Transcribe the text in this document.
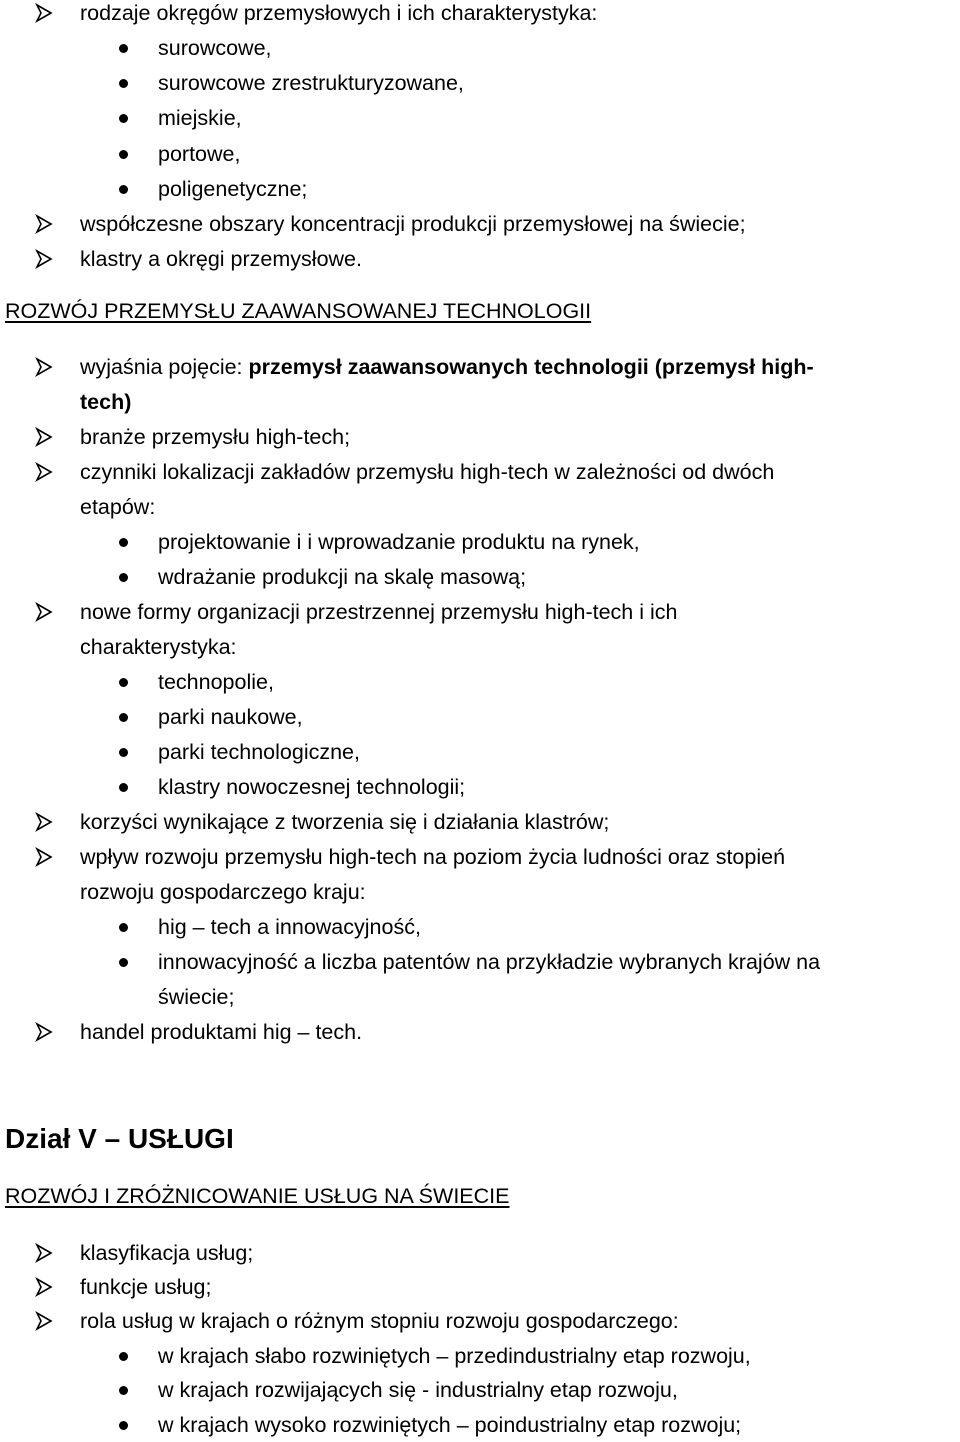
rodzaje okręgów przemysłowych i ich charakterystyka:
surowcowe,
surowcowe zrestrukturyzowane,
miejskie,
portowe,
poligenetyczne;
współczesne obszary koncentracji produkcji przemysłowej na świecie;
klastry a okręgi przemysłowe.
ROZWÓJ PRZEMYSŁU ZAAWANSOWANEJ TECHNOLOGII
wyjaśnia pojęcie: przemysł zaawansowanych technologii (przemysł high-
tech)
branże przemysłu high-tech;
czynniki lokalizacji zakładów przemysłu high-tech w zależności od dwóch
etapów:
projektowanie i i wprowadzanie produktu na rynek,
wdrażanie produkcji na skalę masową;
nowe formy organizacji przestrzennej przemysłu high-tech i ich
charakterystyka:
technopolie,
parki naukowe,
parki technologiczne,
klastry nowoczesnej technologii;
korzyści wynikające z tworzenia się i działania klastrów;
wpływ rozwoju przemysłu high-tech na poziom życia ludności oraz stopień
rozwoju gospodarczego kraju:
hig – tech a innowacyjność,
innowacyjność a liczba patentów na przykładzie wybranych krajów na
świecie;
handel produktami hig – tech.
Dział V – USŁUGI
ROZWÓJ I ZRÓŻNICOWANIE USŁUG NA ŚWIECIE
klasyfikacja usług;
funkcje usług;
rola usług w krajach o różnym stopniu rozwoju gospodarczego:
w krajach słabo rozwiniętych – przedindustrialny etap rozwoju,
w krajach rozwijających się - industrialny etap rozwoju,
w krajach wysoko rozwiniętych – poindustrialny etap rozwoju;
